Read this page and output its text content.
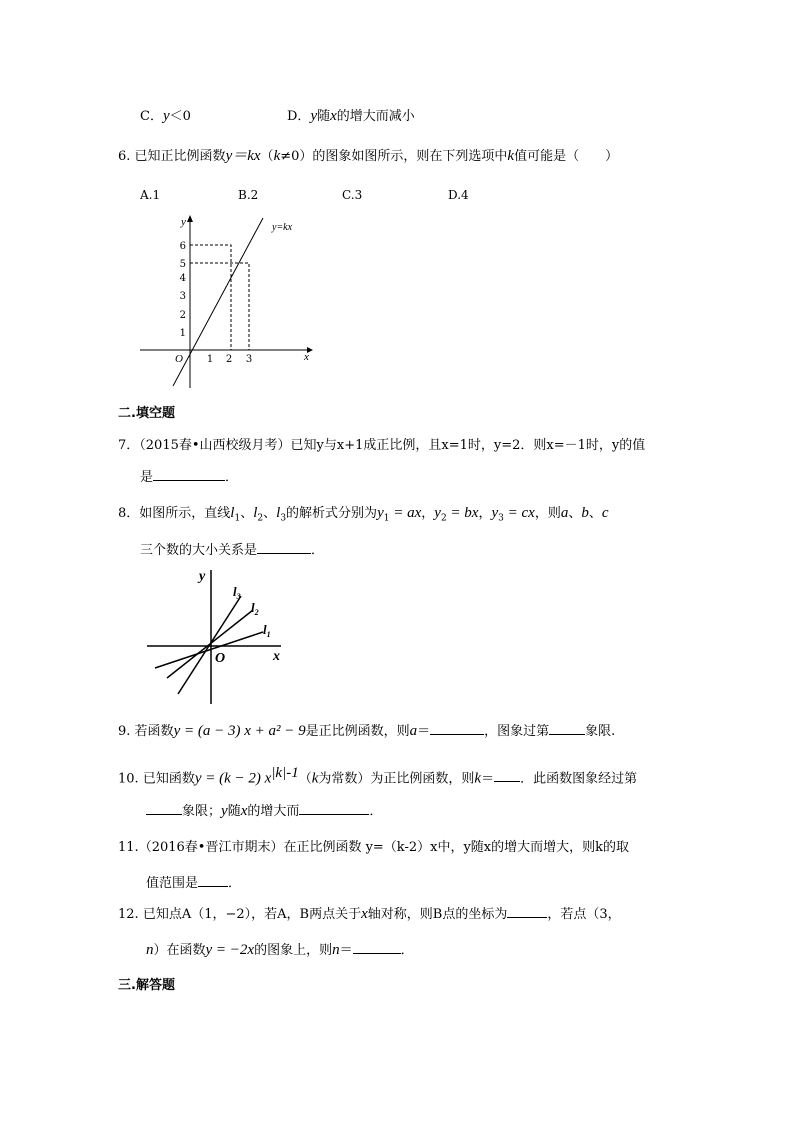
C．y＜0	D．y随x的增大而减小
6. 已知正比例函数y＝kx（k≠0）的图象如图所示，则在下列选项中k值可能是（　　）
A.1	B.2	C.3	D.4
1
2
3
4
5
6
1 2 3
O	x
y	y=kx
二.填空题
7．（2015春•山西校级月考）已知y与x+1成正比例，且x=1时，y=2．则x=－1时，y的值
是	．
8．如图所示，直线$l_1$、$l_2$、$l_3$的解析式分别为$y_1$ = ax，$y_2$ = bx，$y_3$ = cx，则a、b、c
三个数的大小关系是	．
y
x
O
$l_3$
$l_2$
$l_1$
9. 若函数y = (a − 3) x + a² − 9是正比例函数，则a＝	，图象过第	象限.
10. 已知函数y = (k − 2) $x^{|k|-1}(k$为常数）为正比例函数，则k＝ ．此函数图象经过第
象限；y随x的增大而	．
11.（2016春•晋江市期末）在正比例函数 y=（k-2）x中，y随x的增大而增大，则k的取
值范围是 ．
12. 已知点A（1，−2），若A，B两点关于x轴对称，则B点的坐标为	，若点（3，
n）在函数y = −2x的图象上，则n＝	．
三.解答题
